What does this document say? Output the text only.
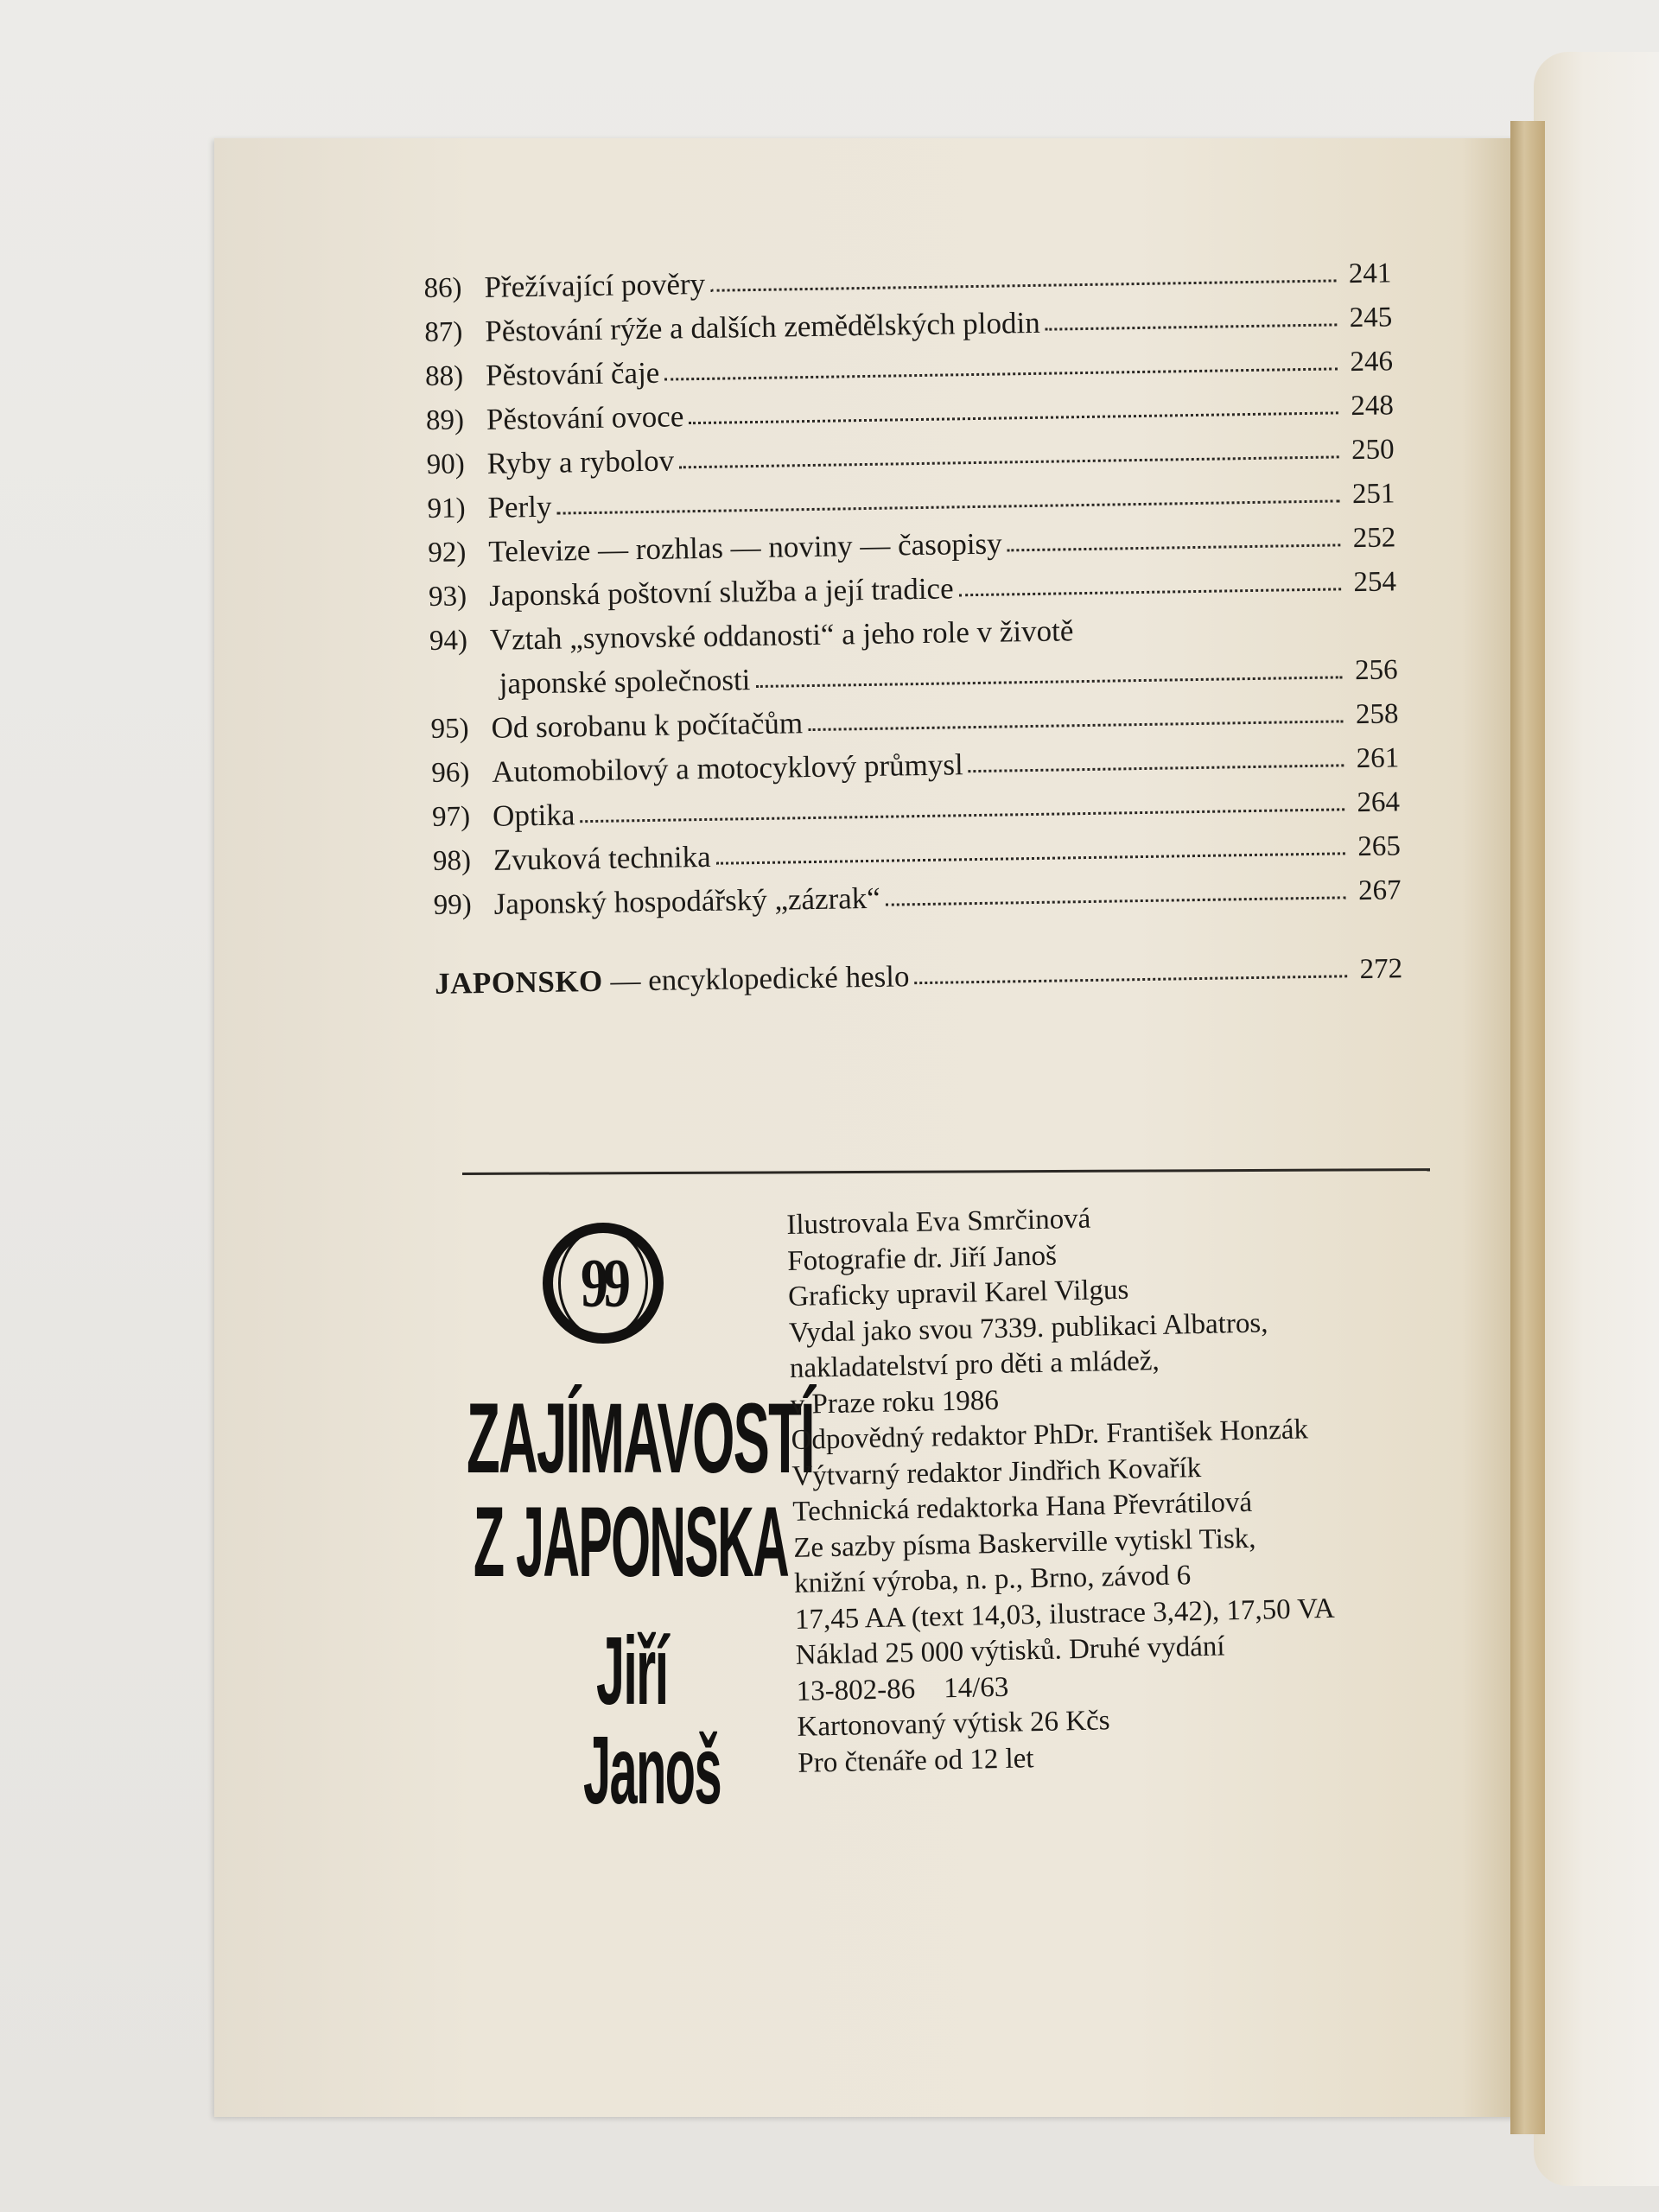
86) Přežívající pověry	241
87) Pěstování rýže a dalších zemědělských plodin	245
88) Pěstování čaje	246
89) Pěstování ovoce	248
90) Ryby a rybolov	250
91) Perly	251
92) Televize — rozhlas — noviny — časopisy	252
93) Japonská poštovní služba a její tradice	254
94) Vztah „synovské oddanosti“ a jeho role v životě
japonské společnosti	256
95) Od sorobanu k počítačům	258
96) Automobilový a motocyklový průmysl	261
97) Optika	264
98) Zvuková technika	265
99) Japonský hospodářský „zázrak“	267
JAPONSKO — encyklopedické heslo	272
99
ZAJÍMAVOSTÍ
Z JAPONSKA
Jiří
Janoš
Ilustrovala Eva Smrčinová
Fotografie dr. Jiří Janoš
Graficky upravil Karel Vilgus
Vydal jako svou 7339. publikaci Albatros,
nakladatelství pro děti a mládež,
v Praze roku 1986
Odpovědný redaktor PhDr. František Honzák
Výtvarný redaktor Jindřich Kovařík
Technická redaktorka Hana Převrátilová
Ze sazby písma Baskerville vytiskl Tisk,
knižní výroba, n. p., Brno, závod 6
17,45 AA (text 14,03, ilustrace 3,42), 17,50 VA
Náklad 25 000 výtisků. Druhé vydání
13-802-86    14/63
Kartonovaný výtisk 26 Kčs
Pro čtenáře od 12 let
